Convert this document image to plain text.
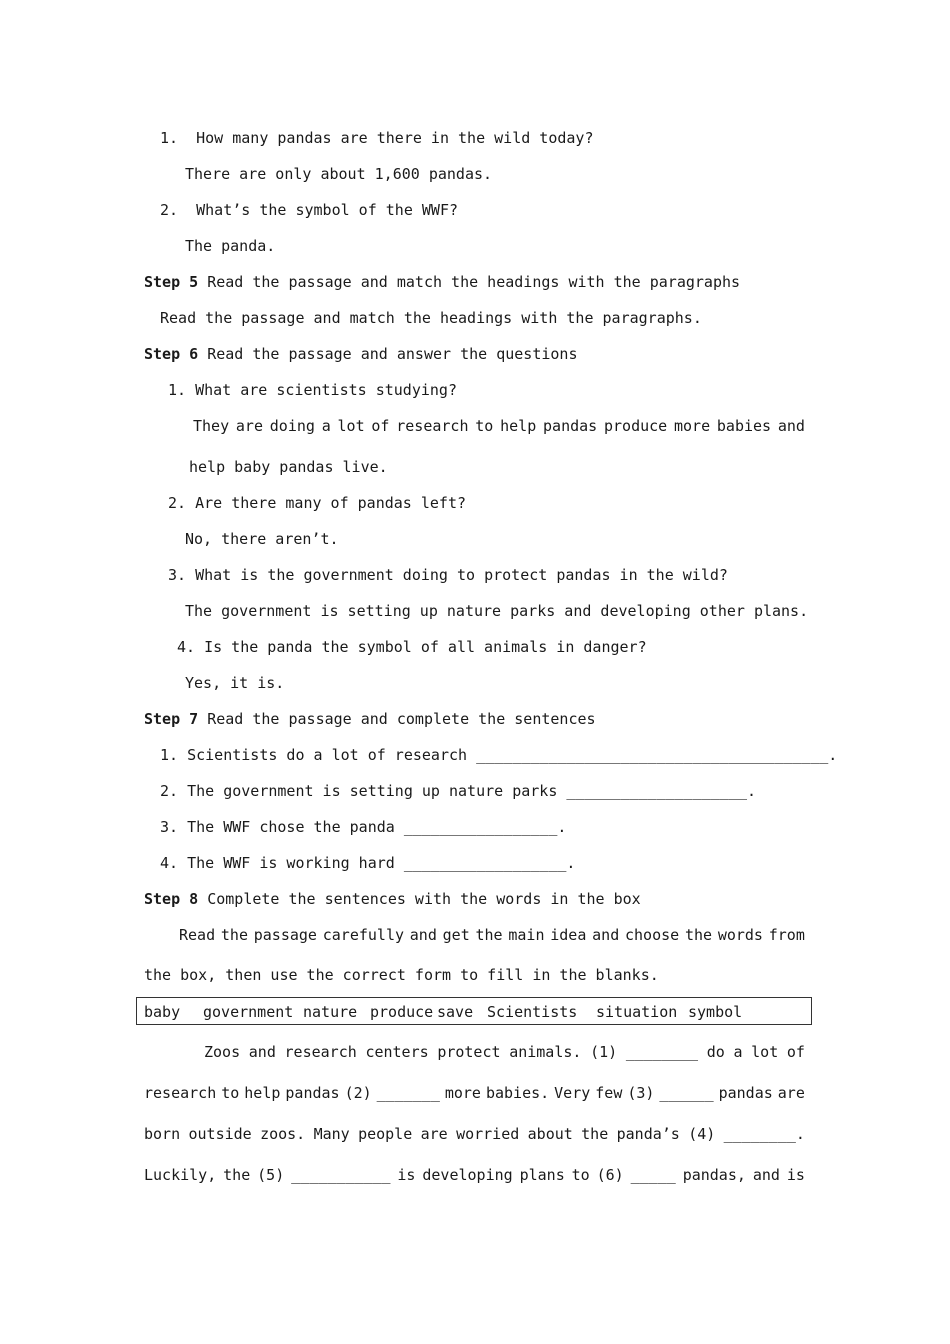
1.  How many pandas are there in the wild today?
There are only about 1,600 pandas.
2.  What’s the symbol of the WWF?
The panda.
Step 5 Read the passage and match the headings with the paragraphs
Read the passage and match the headings with the paragraphs.
Step 6 Read the passage and answer the questions
1. What are scientists studying?
They are doing a lot of research to help pandas produce more babies and
help baby pandas live.
2. Are there many of pandas left?
No, there aren’t.
3. What is the government doing to protect pandas in the wild?
The government is setting up nature parks and developing other plans.
4. Is the panda the symbol of all animals in danger?
Yes, it is.
Step 7 Read the passage and complete the sentences
1. Scientists do a lot of research _______________________________________.
2. The government is setting up nature parks ____________________.
3. The WWF chose the panda _________________.
4. The WWF is working hard __________________.
Step 8 Complete the sentences with the words in the box
Read the passage carefully and get the main idea and choose the words from
the box, then use the correct form to fill in the blanks.
baby government nature produce save Scientists situation symbol
Zoos and research centers protect animals. (1) ________ do a lot of
research to help pandas (2) _______ more babies. Very few (3) ______ pandas are
born outside zoos. Many people are worried about the panda’s (4) ________.
Luckily, the (5) ___________ is developing plans to (6) _____ pandas, and is
